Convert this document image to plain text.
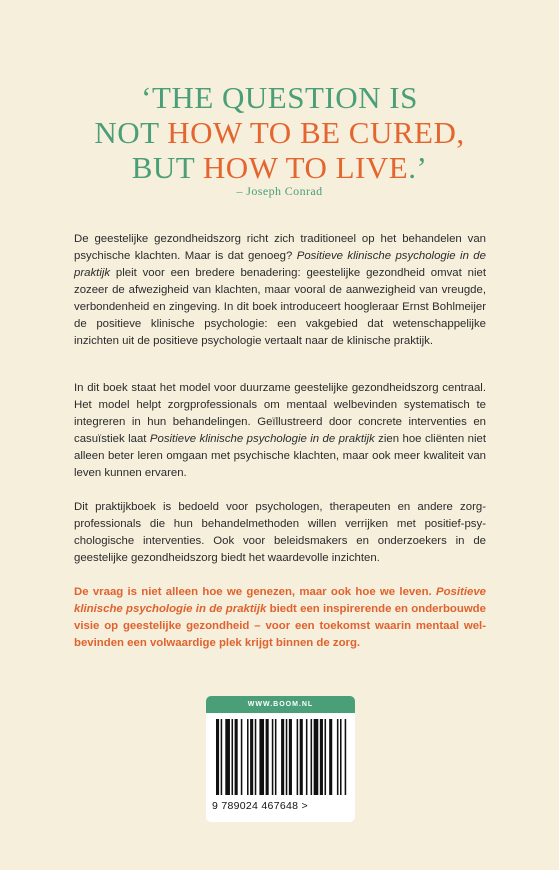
‘THE QUESTION IS
NOT HOW TO BE CURED,
BUT HOW TO LIVE.’
– Joseph Conrad

De geestelijke gezondheidszorg richt zich traditioneel op het behandelen van psychische klachten. Maar is dat genoeg? Positieve klinische psychologie in de praktijk pleit voor een bredere benadering: geestelijke gezondheid omvat niet zozeer de afwezigheid van klachten, maar vooral de aanwezigheid van vreugde, verbondenheid en zingeving. In dit boek introduceert hoogleraar Ernst Bohlmeijer de positieve klinische psychologie: een vakgebied dat wetenschappelijke inzichten uit de positieve psychologie vertaalt naar de klinische praktijk.

In dit boek staat het model voor duurzame geestelijke gezondheidszorg centraal. Het model helpt zorgprofessionals om mentaal welbevinden systematisch te integreren in hun behandelingen. Geïllustreerd door concrete interventies en casuïstiek laat Positieve klinische psychologie in de praktijk zien hoe cliënten niet alleen beter leren omgaan met psychische klachten, maar ook meer kwaliteit van leven kunnen ervaren.

Dit praktijkboek is bedoeld voor psychologen, therapeuten en andere zorgprofessionals die hun behandelmethoden willen verrijken met positief-psychologische interventies. Ook voor beleidsmakers en onderzoekers in de geestelijke gezondheidszorg biedt het waardevolle inzichten.

De vraag is niet alleen hoe we genezen, maar ook hoe we leven. Positieve klinische psychologie in de praktijk biedt een inspirerende en onderbouwde visie op geestelijke gezondheid – voor een toekomst waarin mentaal welbevinden een volwaardige plek krijgt binnen de zorg.

WWW.BOOM.NL
9 789024 467648 >
